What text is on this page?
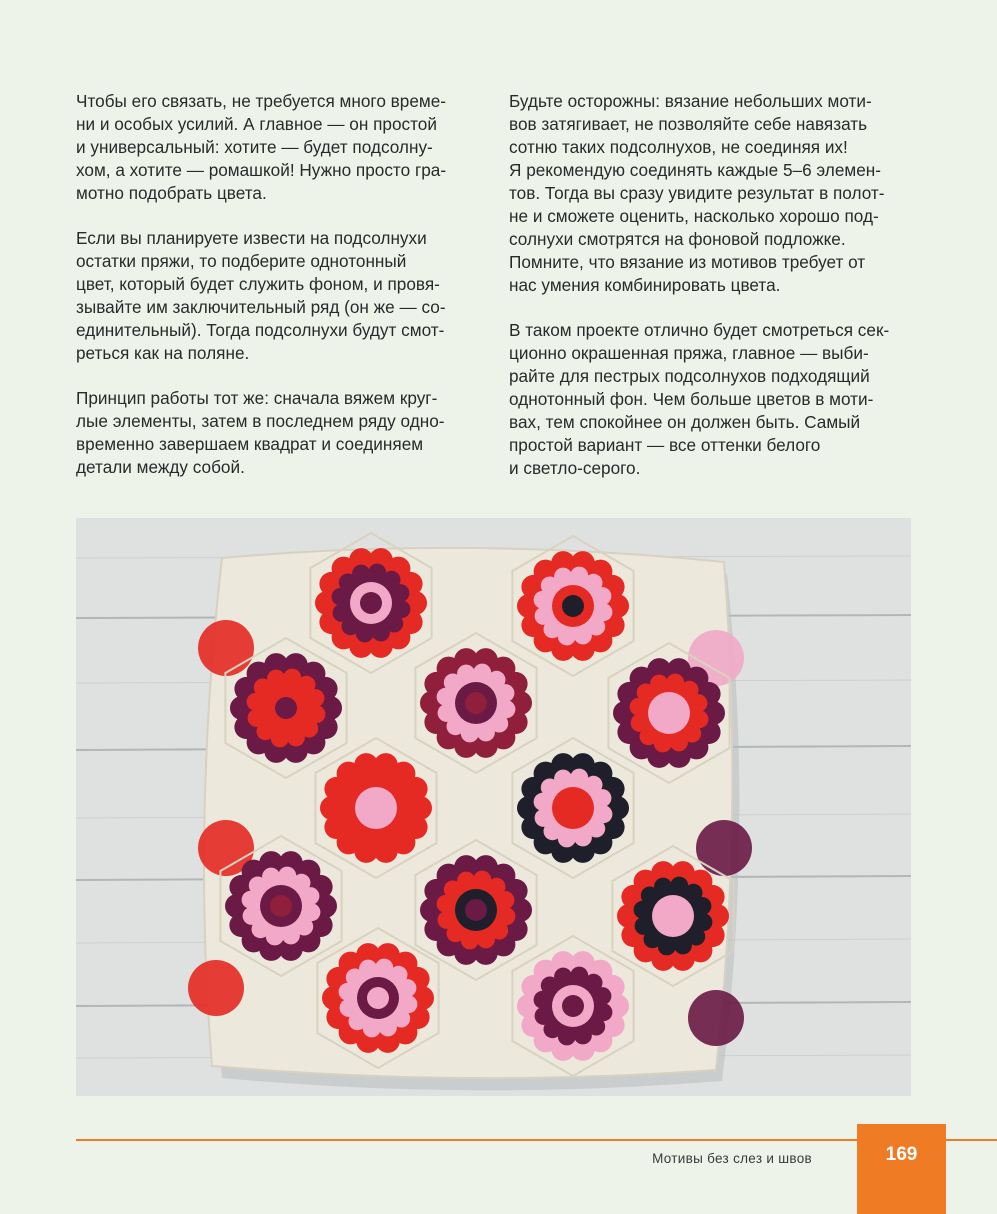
Чтобы его связать, не требуется много време-
ни и особых усилий. А главное — он простой
и универсальный: хотите — будет подсолну-
хом, а хотите — ромашкой! Нужно просто гра-
мотно подобрать цвета.

Если вы планируете извести на подсолнухи
остатки пряжи, то подберите однотонный
цвет, который будет служить фоном, и провя-
зывайте им заключительный ряд (он же — со-
единительный). Тогда подсолнухи будут смот-
реться как на поляне.

Принцип работы тот же: сначала вяжем круг-
лые элементы, затем в последнем ряду одно-
временно завершаем квадрат и соединяем
детали между собой.

Будьте осторожны: вязание небольших моти-
вов затягивает, не позволяйте себе навязать
сотню таких подсолнухов, не соединяя их!
Я рекомендую соединять каждые 5–6 элемен-
тов. Тогда вы сразу увидите результат в полот-
не и сможете оценить, насколько хорошо под-
солнухи смотрятся на фоновой подложке.
Помните, что вязание из мотивов требует от
нас умения комбинировать цвета.

В таком проекте отлично будет смотреться сек-
ционно окрашенная пряжа, главное — выби-
райте для пестрых подсолнухов подходящий
однотонный фон. Чем больше цветов в моти-
вах, тем спокойнее он должен быть. Самый
простой вариант — все оттенки белого
и светло-серого.

Мотивы без слез и швов	169
